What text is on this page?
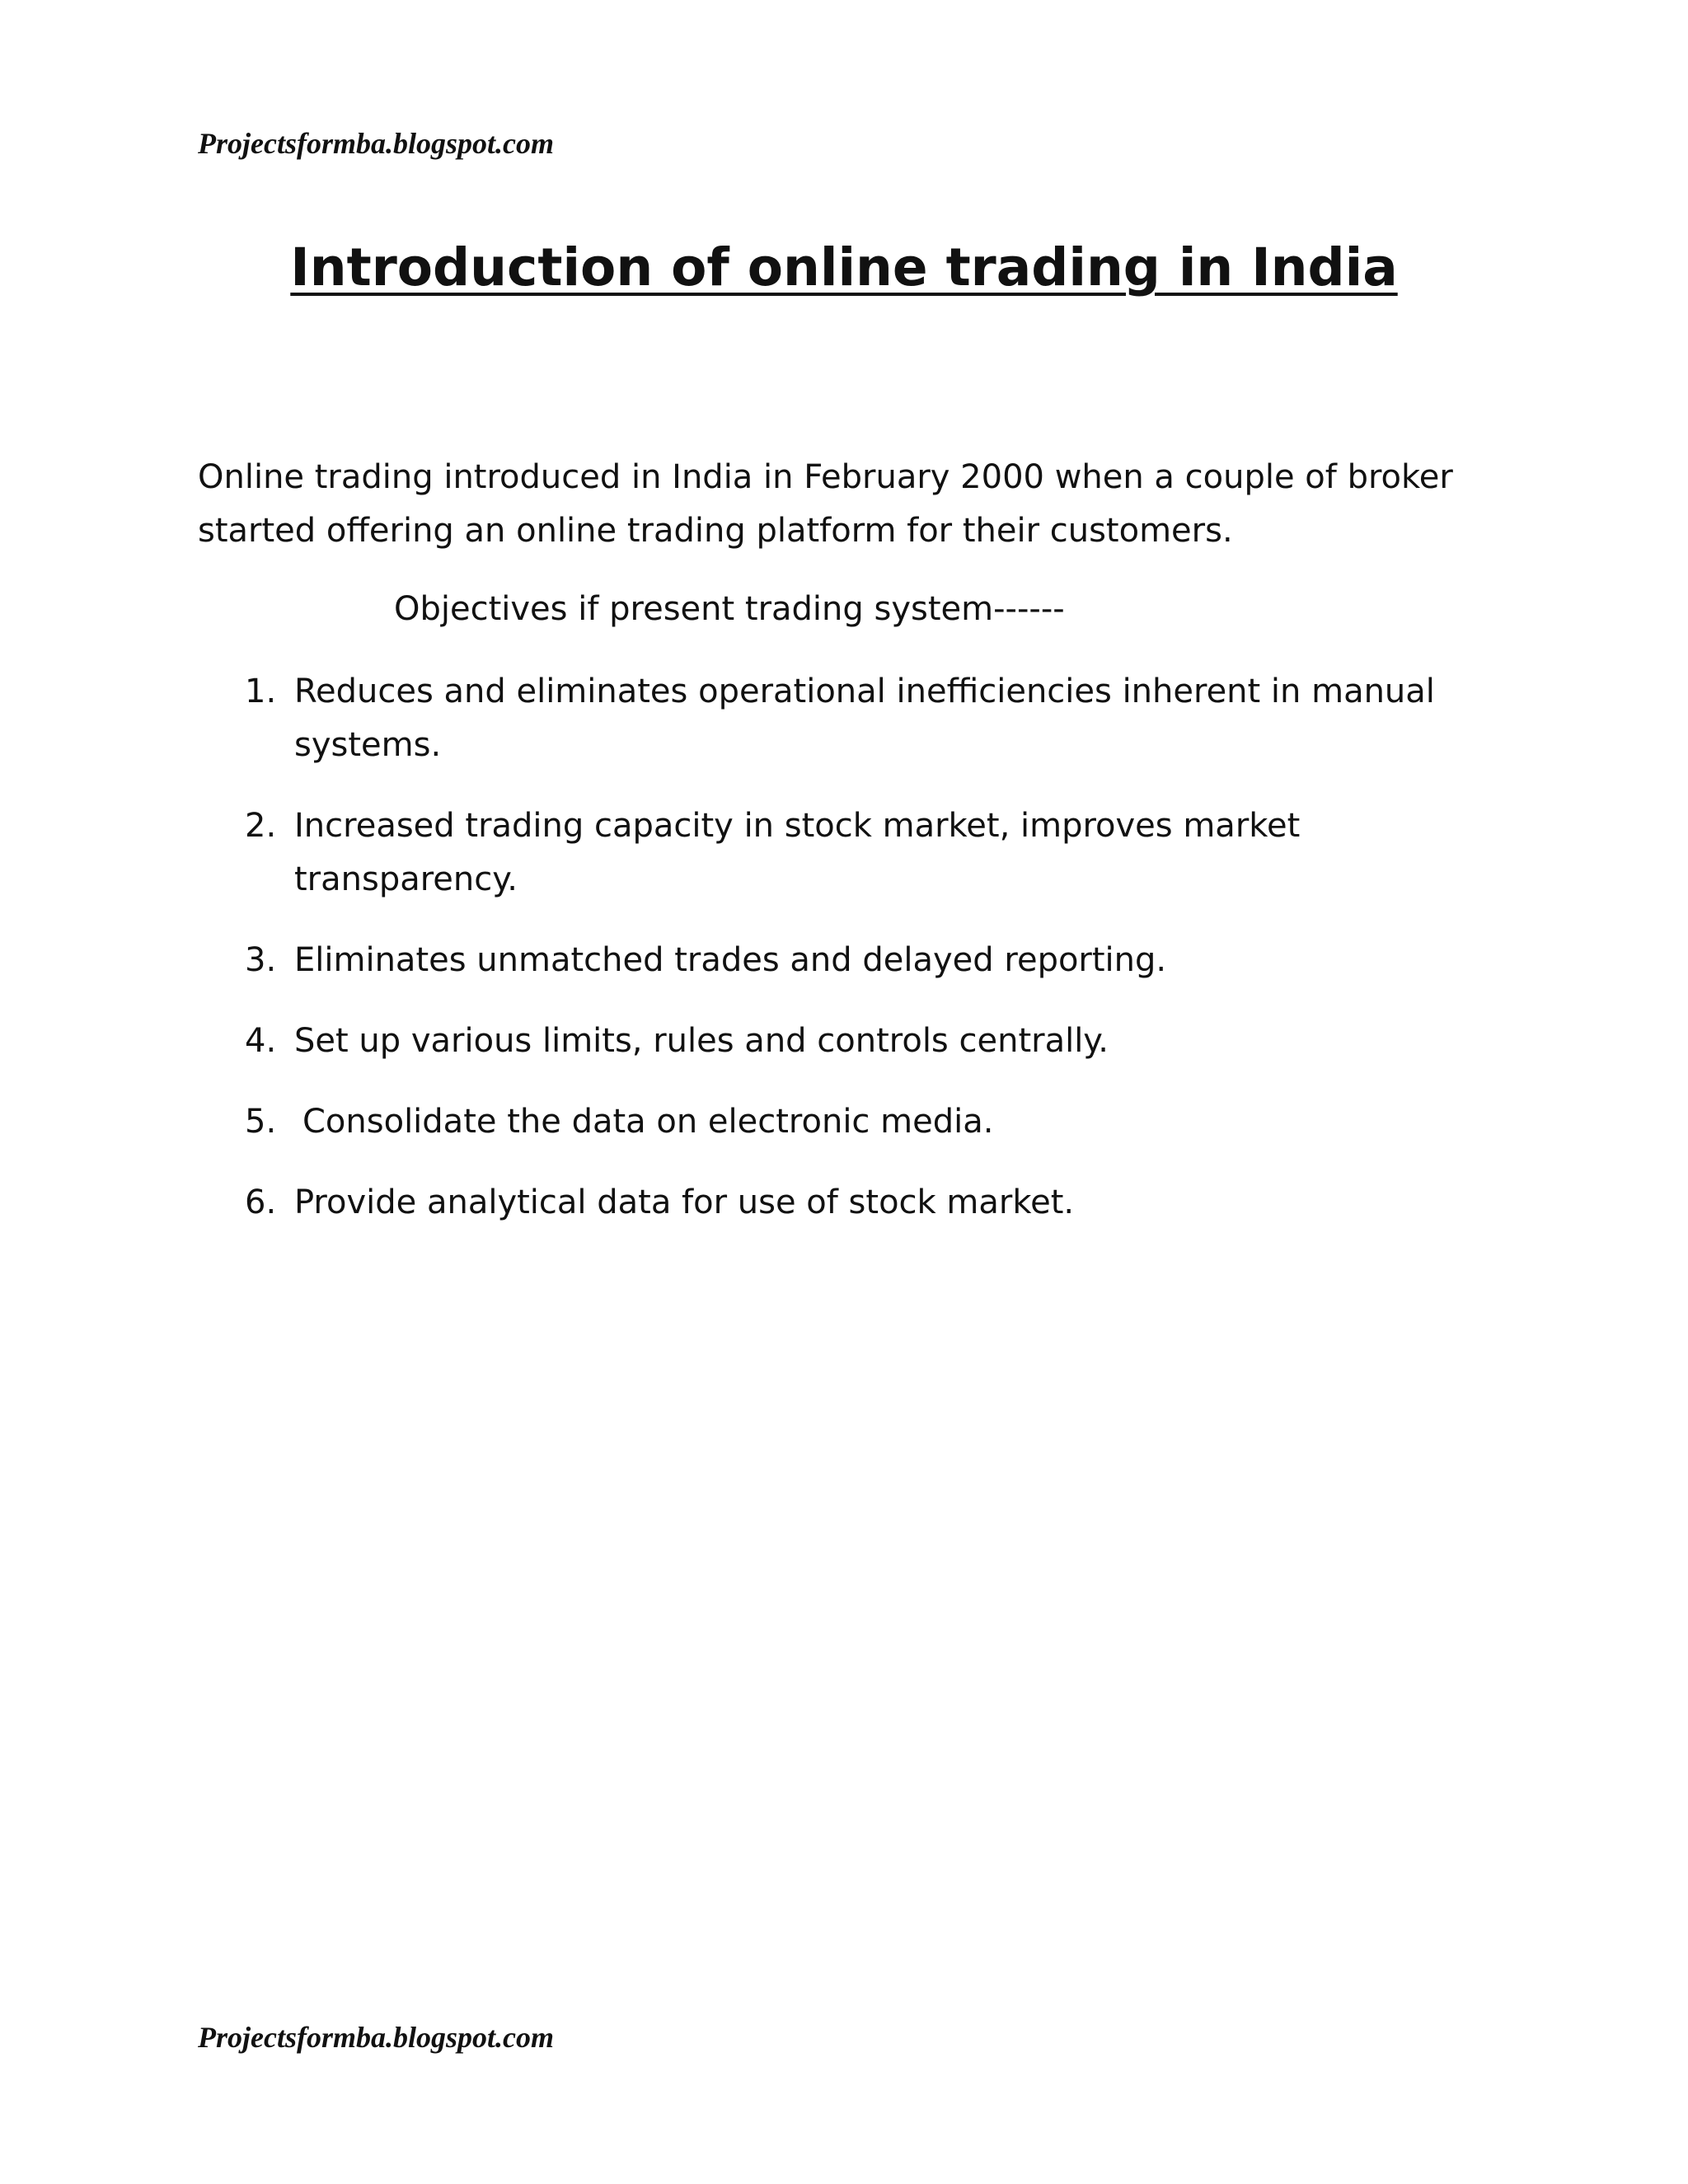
Projectsformba.blogspot.com

Introduction of online trading in India

Online trading introduced in India in February 2000 when a couple of broker started offering an online trading platform for their customers.

Objectives if present trading system------

1. Reduces and eliminates operational inefficiencies inherent in manual systems.
2. Increased trading capacity in stock market, improves market transparency.
3. Eliminates unmatched trades and delayed reporting.
4. Set up various limits, rules and controls centrally.
5. Consolidate the data on electronic media.
6. Provide analytical data for use of stock market.

Projectsformba.blogspot.com
